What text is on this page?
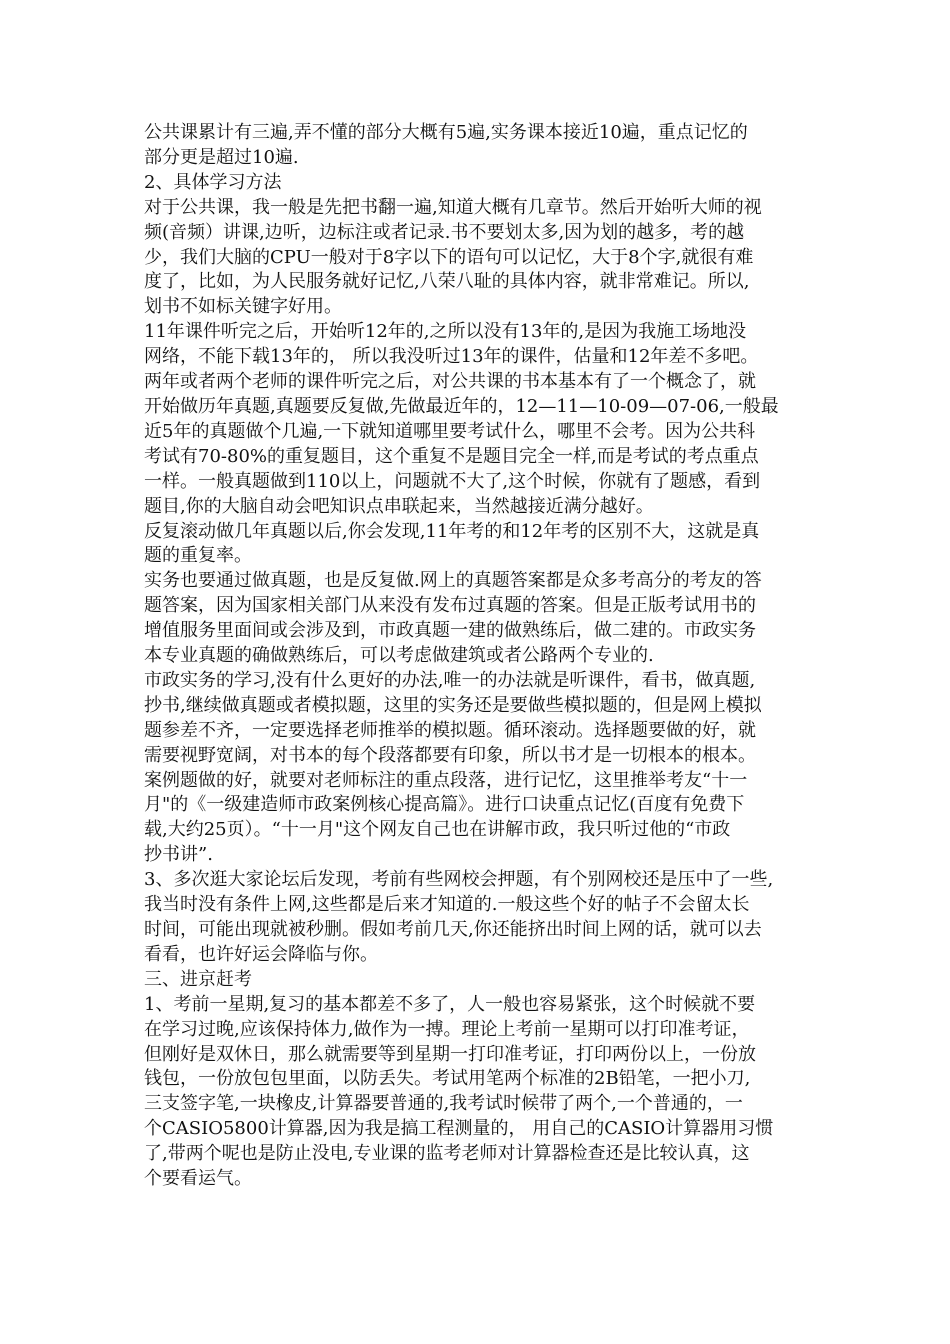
公共课累计有三遍,弄不懂的部分大概有5遍,实务课本接近10遍，重点记忆的

部分更是超过10遍.

2、具体学习方法

对于公共课，我一般是先把书翻一遍,知道大概有几章节。然后开始听大师的视

频(音频）讲课,边听，边标注或者记录.书不要划太多,因为划的越多，考的越

少，我们大脑的CPU一般对于8字以下的语句可以记忆，大于8个字,就很有难

度了，比如，为人民服务就好记忆,八荣八耻的具体内容，就非常难记。所以,

划书不如标关键字好用。

11年课件听完之后，开始听12年的,之所以没有13年的,是因为我施工场地没

网络，不能下载13年的， 所以我没听过13年的课件，估量和12年差不多吧。

两年或者两个老师的课件听完之后，对公共课的书本基本有了一个概念了，就

开始做历年真题,真题要反复做,先做最近年的，12—11—10-09—07-06,一般最

近5年的真题做个几遍,一下就知道哪里要考试什么，哪里不会考。因为公共科

考试有70-80%的重复题目，这个重复不是题目完全一样,而是考试的考点重点

一样。一般真题做到110以上，问题就不大了,这个时候，你就有了题感，看到

题目,你的大脑自动会吧知识点串联起来，当然越接近满分越好。

反复滚动做几年真题以后,你会发现,11年考的和12年考的区别不大，这就是真

题的重复率。

实务也要通过做真题，也是反复做.网上的真题答案都是众多考高分的考友的答

题答案，因为国家相关部门从来没有发布过真题的答案。但是正版考试用书的

增值服务里面间或会涉及到，市政真题一建的做熟练后，做二建的。市政实务

本专业真题的确做熟练后，可以考虑做建筑或者公路两个专业的.

市政实务的学习,没有什么更好的办法,唯一的办法就是听课件，看书，做真题,

抄书,继续做真题或者模拟题，这里的实务还是要做些模拟题的，但是网上模拟

题参差不齐，一定要选择老师推举的模拟题。循环滚动。选择题要做的好，就

需要视野宽阔，对书本的每个段落都要有印象，所以书才是一切根本的根本。

案例题做的好，就要对老师标注的重点段落，进行记忆，这里推举考友“十一

月"的《一级建造师市政案例核心提高篇》。进行口诀重点记忆(百度有免费下

载,大约25页）。“十一月"这个网友自己也在讲解市政，我只听过他的“市政

抄书讲”.

3、多次逛大家论坛后发现，考前有些网校会押题，有个别网校还是压中了一些,

我当时没有条件上网,这些都是后来才知道的.一般这些个好的帖子不会留太长

时间，可能出现就被秒删。假如考前几天,你还能挤出时间上网的话，就可以去

看看，也许好运会降临与你。

三、进京赶考

1、考前一星期,复习的基本都差不多了，人一般也容易紧张，这个时候就不要

在学习过晚,应该保持体力,做作为一搏。理论上考前一星期可以打印准考证，

但刚好是双休日，那么就需要等到星期一打印准考证，打印两份以上，一份放

钱包，一份放包包里面，以防丢失。考试用笔两个标准的2B铅笔，一把小刀,

三支签字笔,一块橡皮,计算器要普通的,我考试时候带了两个,一个普通的，一

个CASIO5800计算器,因为我是搞工程测量的， 用自己的CASIO计算器用习惯

了,带两个呢也是防止没电,专业课的监考老师对计算器检查还是比较认真，这

个要看运气。
